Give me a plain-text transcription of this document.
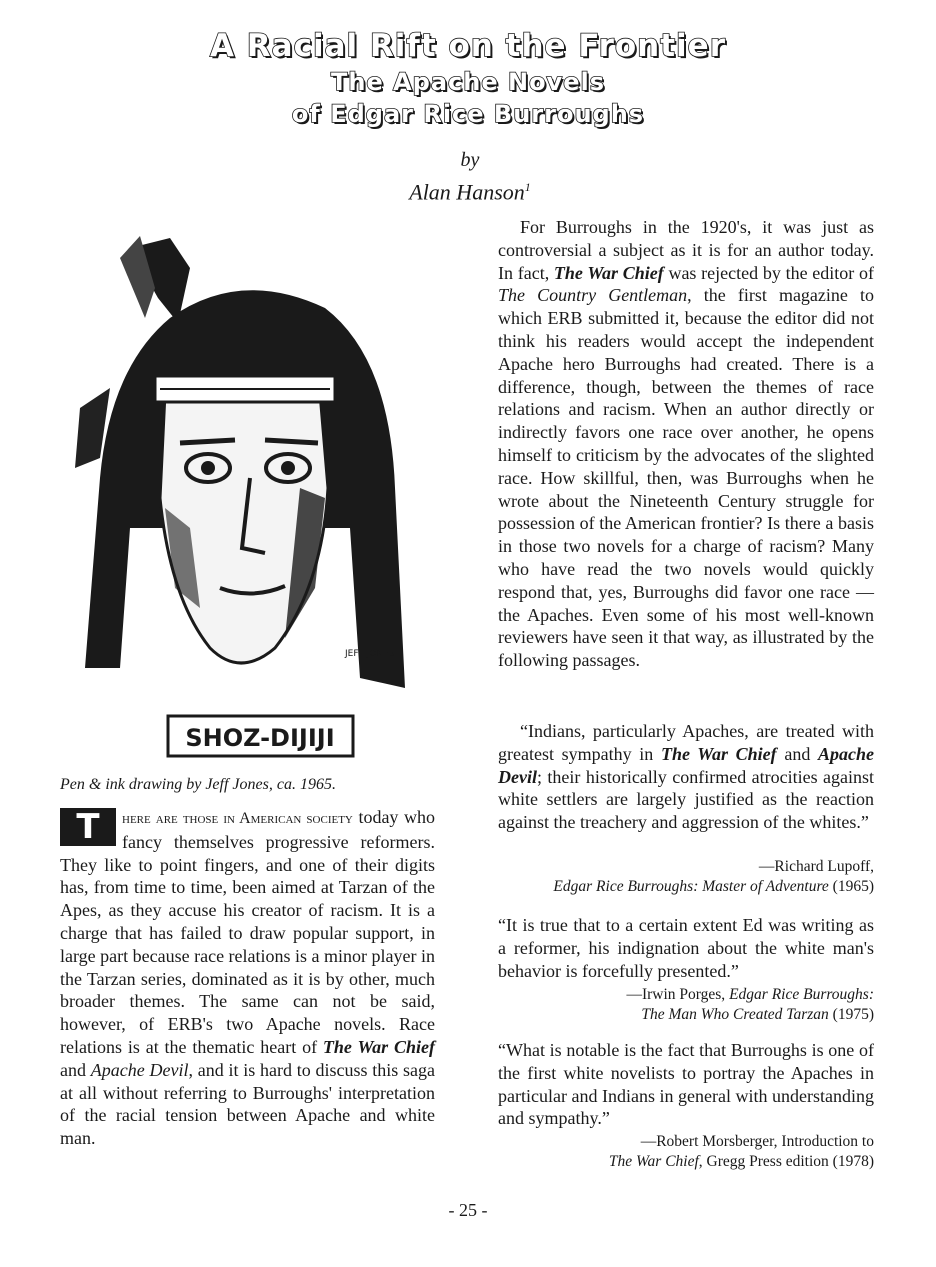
A Racial Rift on the Frontier
The Apache Novels
of Edgar Rice Burroughs
by
Alan Hanson$^1$
SHOZ-DIJIJI
JEFF JONES
Pen & ink drawing by Jeff Jones, ca. 1965.
T	here are those in American society today who fancy themselves progressive reformers. They like to point fingers, and one of their digits has, from time to time, been aimed at Tarzan of the Apes, as they accuse his creator of racism. It is a charge that has failed to draw popular support, in large part because race relations is a minor player in the Tarzan series, dominated as it is by other, much broader themes. The same can not be said, however, of ERB's two Apache novels. Race relations is at the thematic heart of The War Chief and Apache Devil, and it is hard to discuss this saga at all without referring to Burroughs' interpretation of the racial tension between Apache and white man.

For Burroughs in the 1920's, it was just as controversial a subject as it is for an author today. In fact, The War Chief was rejected by the editor of The Country Gentleman, the first magazine to which ERB submitted it, because the editor did not think his readers would accept the independent Apache hero Burroughs had created. There is a difference, though, between the themes of race relations and racism. When an author directly or indirectly favors one race over another, he opens himself to criticism by the advocates of the slighted race. How skillful, then, was Burroughs when he wrote about the Nineteenth Century struggle for possession of the American frontier? Is there a basis in those two novels for a charge of racism? Many who have read the two novels would quickly respond that, yes, Burroughs did favor one race — the Apaches. Even some of his most well-known reviewers have seen it that way, as illustrated by the following passages.

“Indians, particularly Apaches, are treated with greatest sympathy in The War Chief and Apache Devil; their historically confirmed atrocities against white settlers are largely justified as the reaction against the treachery and aggression of the whites.”
—Richard Lupoff,
Edgar Rice Burroughs: Master of Adventure (1965)
“It is true that to a certain extent Ed was writing as a reformer, his indignation about the white man's behavior is forcefully presented.”
—Irwin Porges, Edgar Rice Burroughs:
The Man Who Created Tarzan (1975)
“What is notable is the fact that Burroughs is one of the first white novelists to portray the Apaches in particular and Indians in general with understanding and sympathy.”
—Robert Morsberger, Introduction to
The War Chief, Gregg Press edition (1978)
- 25 -
